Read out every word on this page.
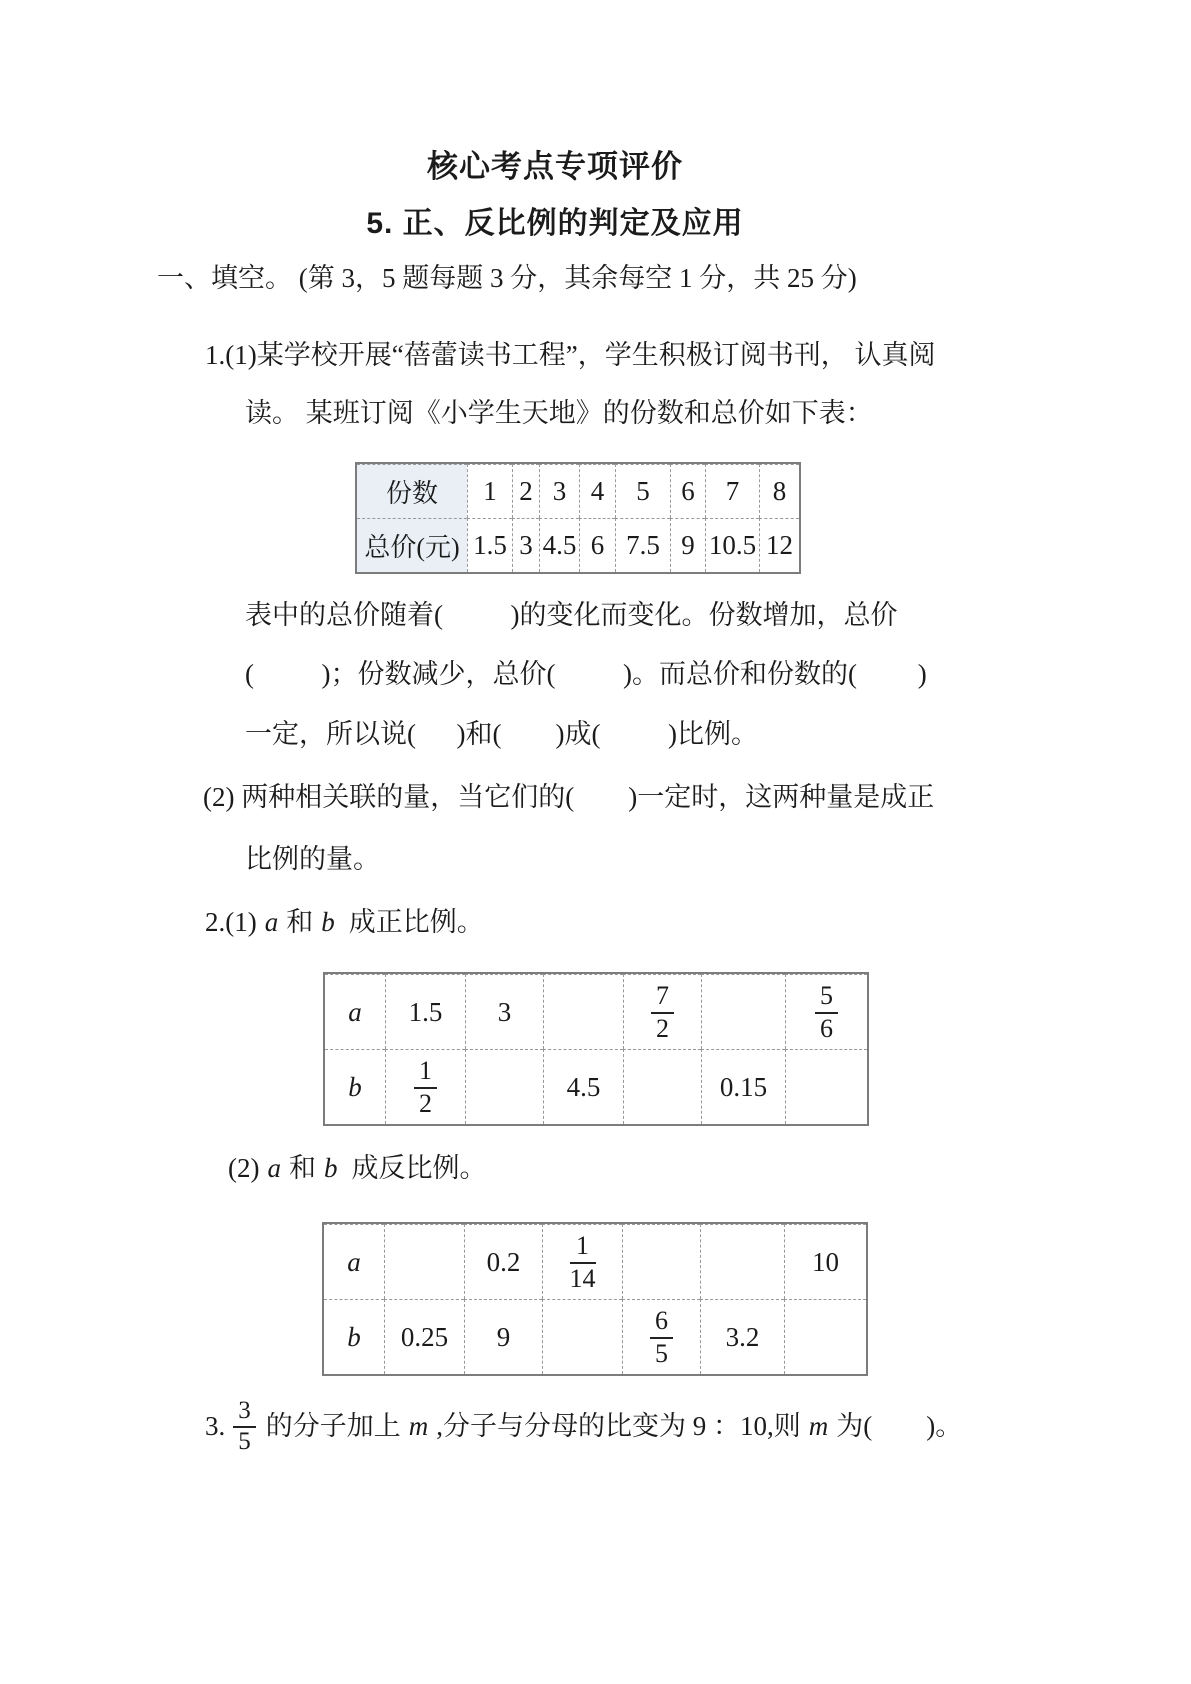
核心考点专项评价
5. 正、反比例的判定及应用
一、填空。 (第 3，5 题每题 3 分，其余每空 1 分，共 25 分)
1.(1)某学校开展“蓓蕾读书工程”，学生积极订阅书刊， 认真阅
读。 某班订阅《小学生天地》的份数和总价如下表：
份数	1	2	3	4	5	6	7	8
总价(元)	1.5	3	4.5	6	7.5	9	10.5	12
表中的总价随着(          )的变化而变化。份数增加，总价
(          )；份数减少，总价(          )。而总价和份数的(         )
一定，所以说(      )和(        )成(          )比例。
(2) 两种相关联的量，当它们的(        )一定时，这两种量是成正
比例的量。
2.(1) a 和 b 成正比例。
a	1.5	3		$\frac{7}{2}$		$\frac{5}{6}$

b	$\frac{1}{2}$		4.5		0.15	
(2) a 和 b 成反比例。
a		0.2	$\frac{1}{14}$			10
b	0.25	9		$\frac{6}{5}$	3.2	
3. $\frac{3}{5}$ 的分子加上 m ,分子与分母的比变为 9 ：10,则 m 为(        )。
